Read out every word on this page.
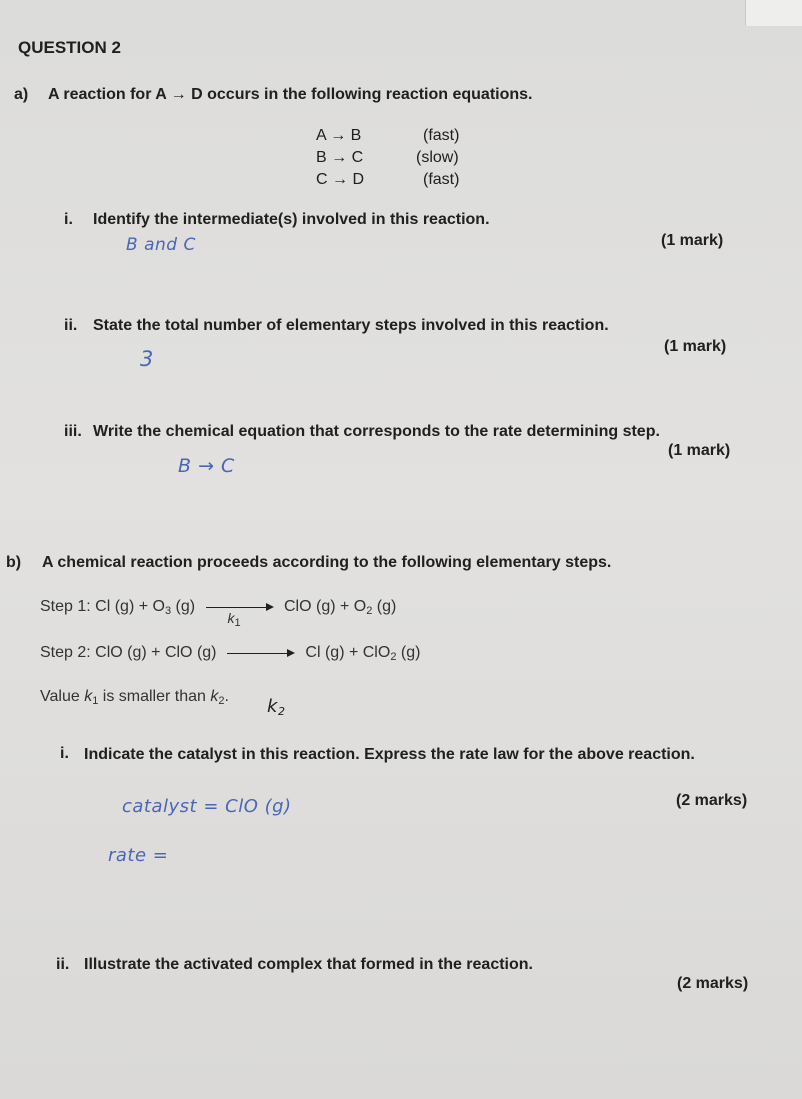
QUESTION 2
a) A reaction for A → D occurs in the following reaction equations.
A → B	(fast)
B → C	(slow)
C → D	(fast)
i. Identify the intermediate(s) involved in this reaction.
B and C	(1 mark)
ii. State the total number of elementary steps involved in this reaction.
3
(1 mark)
iii. Write the chemical equation that corresponds to the rate determining step.
B → C
(1 mark)
b) A chemical reaction proceeds according to the following elementary steps.
Step 1: Cl $(g) + O_3$ (g)
$k_1$
ClO $(g) + O_2$ (g)
Step 2: ClO (g) + ClO (g)	Cl (g) + ClO$_2$ (g)
Value $k_1$ is smaller than $k_2$. $k_2$
i. Indicate the catalyst in this reaction. Express the rate law for the above reaction.
catalyst = ClO (g)	(2 marks)
rate =
ii. Illustrate the activated complex that formed in the reaction.
(2 marks)
